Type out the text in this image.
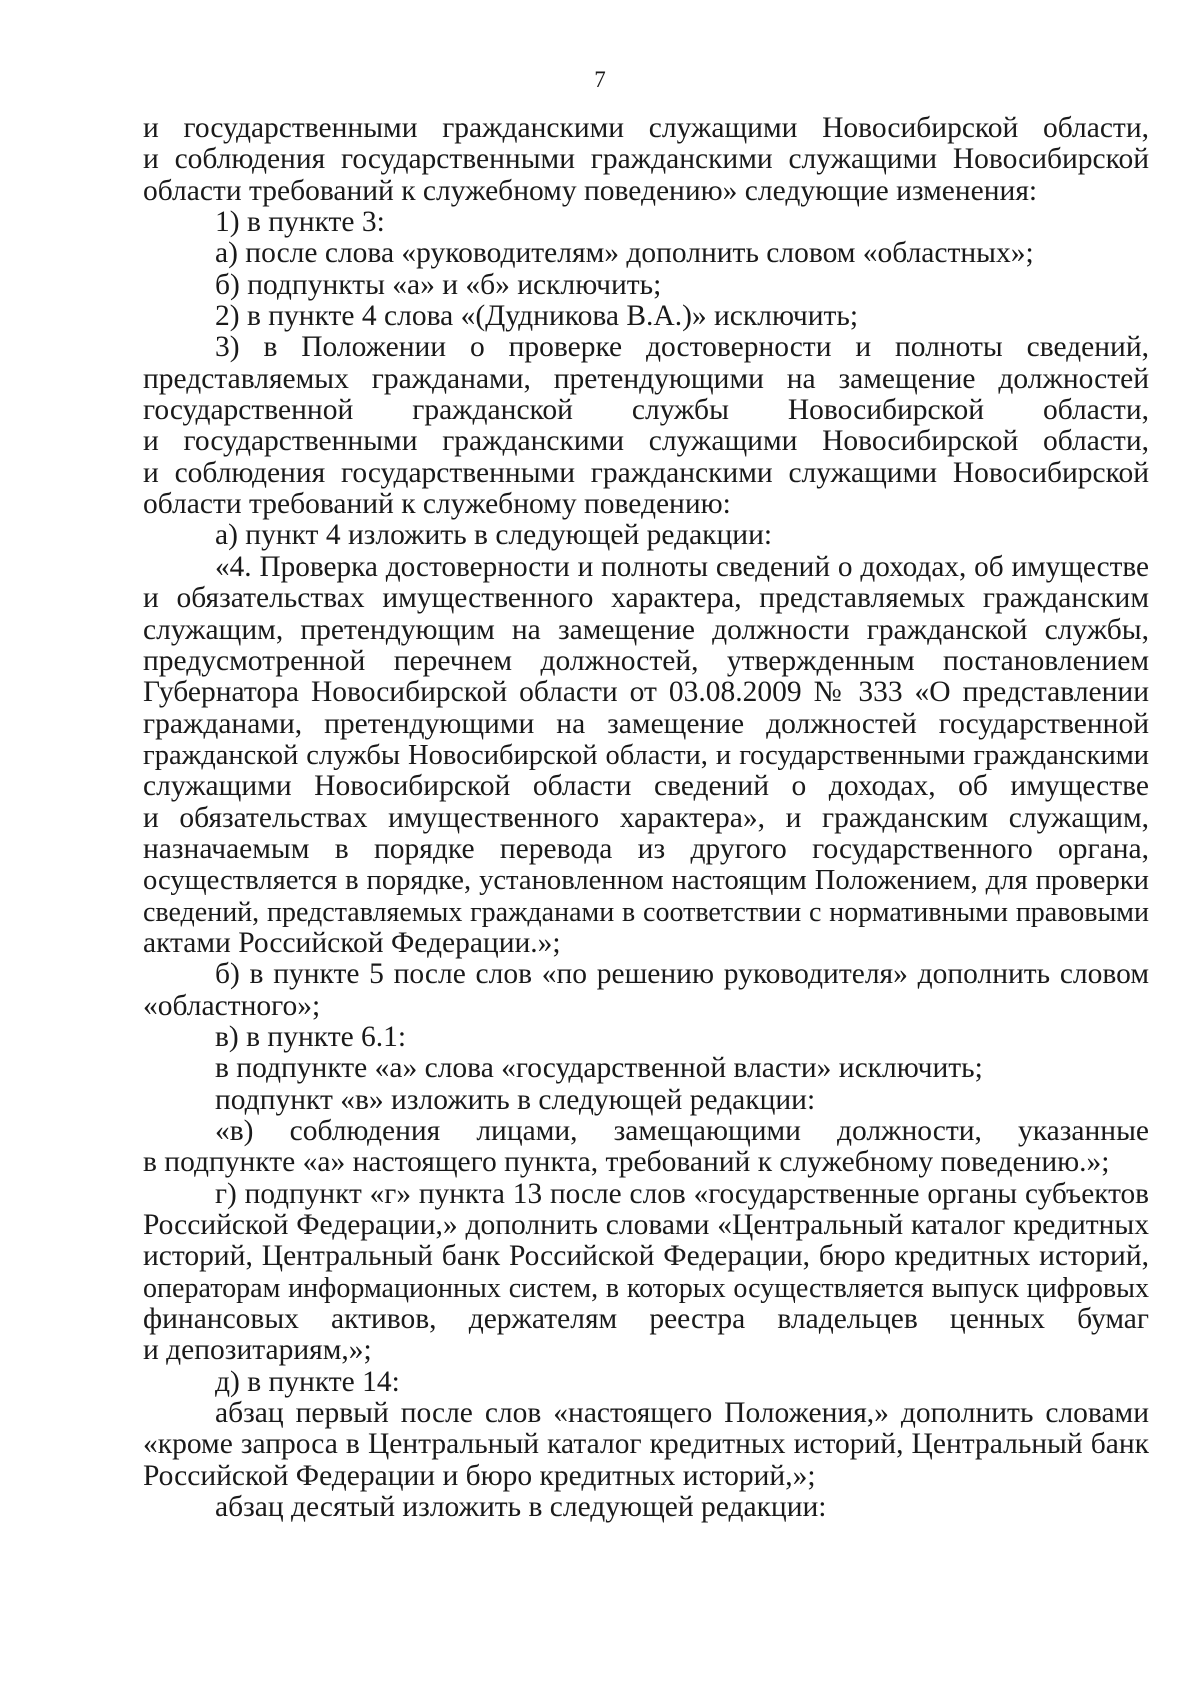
7
и государственными гражданскими служащими Новосибирской области,
и соблюдения государственными гражданскими служащими Новосибирской
области требований к служебному поведению» следующие изменения:
1) в пункте 3:
а) после слова «руководителям» дополнить словом «областных»;
б) подпункты «а» и «б» исключить;
2) в пункте 4 слова «(Дудникова В.А.)» исключить;
3) в Положении о проверке достоверности и полноты сведений,
представляемых гражданами, претендующими на замещение должностей
государственной гражданской службы Новосибирской области,
и государственными гражданскими служащими Новосибирской области,
и соблюдения государственными гражданскими служащими Новосибирской
области требований к служебному поведению:
а) пункт 4 изложить в следующей редакции:
«4. Проверка достоверности и полноты сведений о доходах, об имуществе
и обязательствах имущественного характера, представляемых гражданским
служащим, претендующим на замещение должности гражданской службы,
предусмотренной перечнем должностей, утвержденным постановлением
Губернатора Новосибирской области от 03.08.2009 № 333 «О представлении
гражданами, претендующими на замещение должностей государственной
гражданской службы Новосибирской области, и государственными гражданскими
служащими Новосибирской области сведений о доходах, об имуществе
и обязательствах имущественного характера», и гражданским служащим,
назначаемым в порядке перевода из другого государственного органа,
осуществляется в порядке, установленном настоящим Положением, для проверки
сведений, представляемых гражданами в соответствии с нормативными правовыми
актами Российской Федерации.»;
б) в пункте 5 после слов «по решению руководителя» дополнить словом
«областного»;
в) в пункте 6.1:
в подпункте «а» слова «государственной власти» исключить;
подпункт «в» изложить в следующей редакции:
«в) соблюдения лицами, замещающими должности, указанные
в подпункте «а» настоящего пункта, требований к служебному поведению.»;
г) подпункт «г» пункта 13 после слов «государственные органы субъектов
Российской Федерации,» дополнить словами «Центральный каталог кредитных
историй, Центральный банк Российской Федерации, бюро кредитных историй,
операторам информационных систем, в которых осуществляется выпуск цифровых
финансовых активов, держателям реестра владельцев ценных бумаг
и депозитариям,»;
д) в пункте 14:
абзац первый после слов «настоящего Положения,» дополнить словами
«кроме запроса в Центральный каталог кредитных историй, Центральный банк
Российской Федерации и бюро кредитных историй,»;
абзац десятый изложить в следующей редакции:
